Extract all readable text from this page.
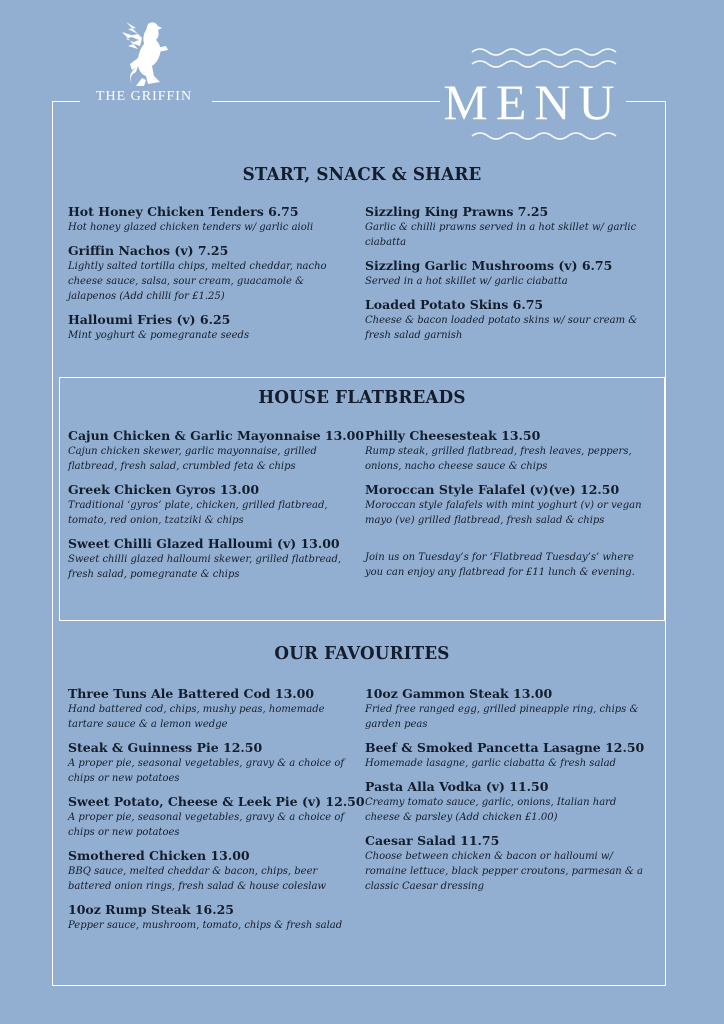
THE GRIFFIN	MENU
START, SNACK & SHARE
Hot Honey Chicken Tenders 6.75
Hot honey glazed chicken tenders w/ garlic aioli
Griffin Nachos (v) 7.25
Lightly salted tortilla chips, melted cheddar, nacho cheese sauce, salsa, sour cream, guacamole & jalapenos (Add chilli for £1.25)
Halloumi Fries (v) 6.25
Mint yoghurt & pomegranate seeds
Sizzling King Prawns 7.25
Garlic & chilli prawns served in a hot skillet w/ garlic ciabatta
Sizzling Garlic Mushrooms (v) 6.75
Served in a hot skillet w/ garlic ciabatta
Loaded Potato Skins 6.75
Cheese & bacon loaded potato skins w/ sour cream & fresh salad garnish
HOUSE FLATBREADS
Cajun Chicken & Garlic Mayonnaise 13.00
Cajun chicken skewer, garlic mayonnaise, grilled flatbread, fresh salad, crumbled feta & chips
Greek Chicken Gyros 13.00
Traditional ‘gyros’ plate, chicken, grilled flatbread, tomato, red onion, tzatziki & chips
Sweet Chilli Glazed Halloumi (v) 13.00
Sweet chilli glazed halloumi skewer, grilled flatbread, fresh salad, pomegranate & chips
Philly Cheesesteak 13.50
Rump steak, grilled flatbread, fresh leaves, peppers, onions, nacho cheese sauce & chips
Moroccan Style Falafel (v)(ve) 12.50
Moroccan style falafels with mint yoghurt (v) or vegan mayo (ve) grilled flatbread, fresh salad & chips
Join us on Tuesday’s for ‘Flatbread Tuesday’s’ where you can enjoy any flatbread for £11 lunch & evening.
OUR FAVOURITES
Three Tuns Ale Battered Cod 13.00
Hand battered cod, chips, mushy peas, homemade tartare sauce & a lemon wedge
Steak & Guinness Pie 12.50
A proper pie, seasonal vegetables, gravy & a choice of chips or new potatoes
Sweet Potato, Cheese & Leek Pie (v) 12.50
A proper pie, seasonal vegetables, gravy & a choice of chips or new potatoes
Smothered Chicken 13.00
BBQ sauce, melted cheddar & bacon, chips, beer battered onion rings, fresh salad & house coleslaw
10oz Rump Steak 16.25
Pepper sauce, mushroom, tomato, chips & fresh salad
10oz Gammon Steak 13.00
Fried free ranged egg, grilled pineapple ring, chips & garden peas
Beef & Smoked Pancetta Lasagne 12.50
Homemade lasagne, garlic ciabatta & fresh salad
Pasta Alla Vodka (v) 11.50
Creamy tomato sauce, garlic, onions, Italian hard cheese & parsley (Add chicken £1.00)
Caesar Salad 11.75
Choose between chicken & bacon or halloumi w/ romaine lettuce, black pepper croutons, parmesan & a classic Caesar dressing
